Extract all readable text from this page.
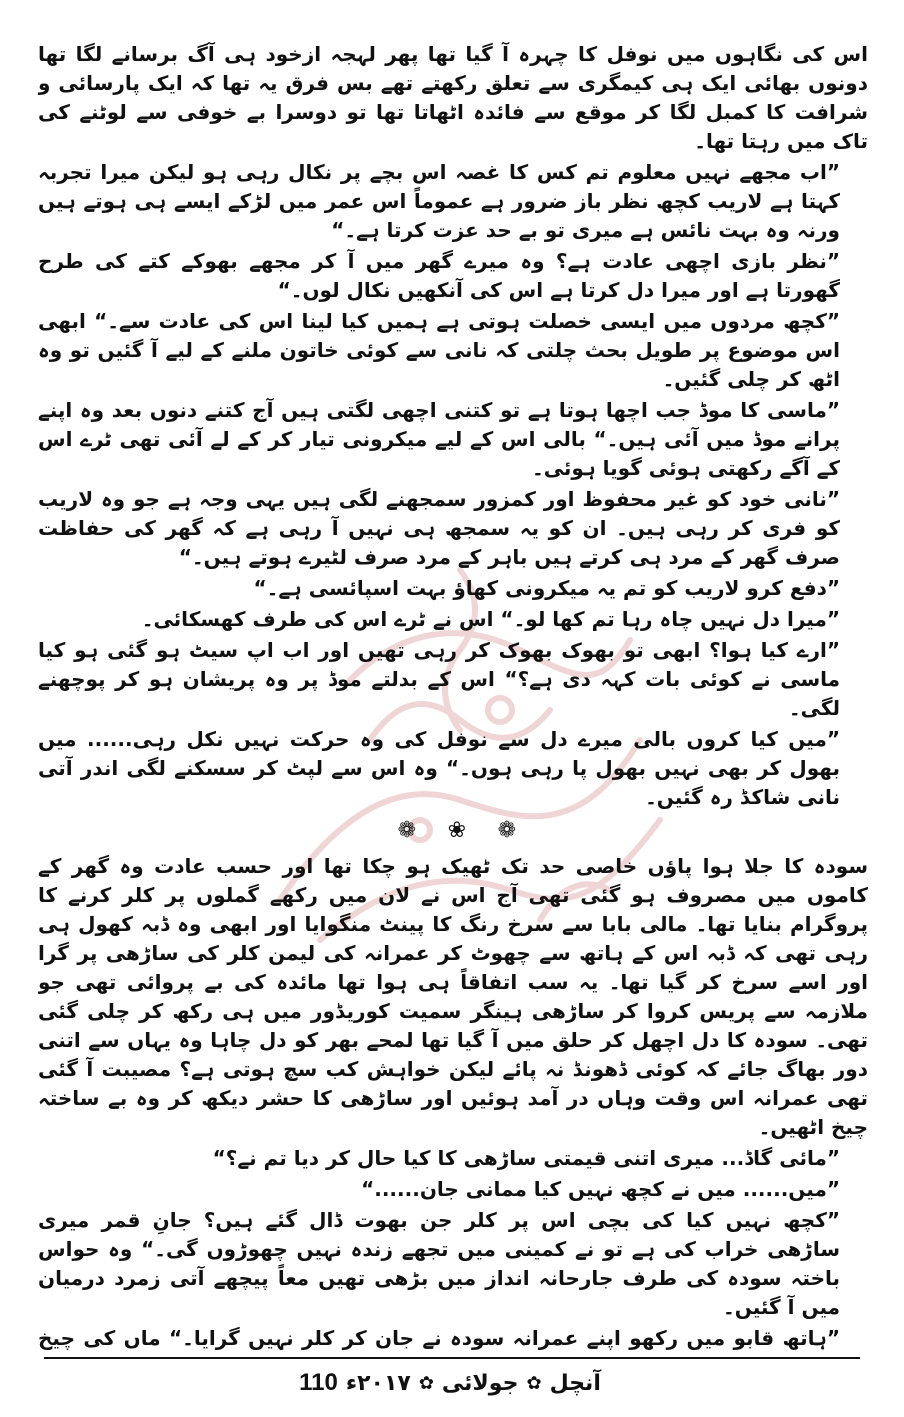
اس کی نگاہوں میں نوفل کا چہرہ آ گیا تھا پھر لہجہ ازخود ہی آگ برسانے لگا تھا دونوں بھائی ایک ہی کیمگری سے تعلق رکھتے تھے بس فرق یہ تھا کہ ایک پارسائی و شرافت کا کمبل لگا کر موقع سے فائدہ اٹھاتا تھا تو دوسرا بے خوفی سے لوٹنے کی تاک میں رہتا تھا۔

”اب مجھے نہیں معلوم تم کس کا غصہ اس بچے پر نکال رہی ہو لیکن میرا تجربہ کہتا ہے لاریب کچھ نظر باز ضرور ہے عموماً اس عمر میں لڑکے ایسے ہی ہوتے ہیں ورنہ وہ بہت نائس ہے میری تو بے حد عزت کرتا ہے۔“

”نظر بازی اچھی عادت ہے؟ وہ میرے گھر میں آ کر مجھے بھوکے کتے کی طرح گھورتا ہے اور میرا دل کرتا ہے اس کی آنکھیں نکال لوں۔“

”کچھ مردوں میں ایسی خصلت ہوتی ہے ہمیں کیا لینا اس کی عادت سے۔“ ابھی اس موضوع پر طویل بحث چلتی کہ نانی سے کوئی خاتون ملنے کے لیے آ گئیں تو وہ اٹھ کر چلی گئیں۔

”ماسی کا موڈ جب اچھا ہوتا ہے تو کتنی اچھی لگتی ہیں آج کتنے دنوں بعد وہ اپنے پرانے موڈ میں آئی ہیں۔“ بالی اس کے لیے میکرونی تیار کر کے لے آئی تھی ٹرے اس کے آگے رکھتی ہوئی گویا ہوئی۔

”نانی خود کو غیر محفوظ اور کمزور سمجھنے لگی ہیں یہی وجہ ہے جو وہ لاریب کو فری کر رہی ہیں۔ ان کو یہ سمجھ ہی نہیں آ رہی ہے کہ گھر کی حفاظت صرف گھر کے مرد ہی کرتے ہیں باہر کے مرد صرف لٹیرے ہوتے ہیں۔“

”دفع کرو لاریب کو تم یہ میکرونی کھاؤ بہت اسپائسی ہے۔“

”میرا دل نہیں چاہ رہا تم کھا لو۔“ اس نے ٹرے اس کی طرف کھسکائی۔

”ارے کیا ہوا؟ ابھی تو بھوک بھوک کر رہی تھیں اور اب اپ سیٹ ہو گئی ہو کیا ماسی نے کوئی بات کہہ دی ہے؟“ اس کے بدلتے موڈ پر وہ پریشان ہو کر پوچھنے لگی۔

”میں کیا کروں بالی میرے دل سے نوفل کی وہ حرکت نہیں نکل رہی...... میں بھول کر بھی نہیں بھول پا رہی ہوں۔“ وہ اس سے لپٹ کر سسکنے لگی اندر آتی نانی شاکڈ رہ گئیں۔

❁
❀
❁

سودہ کا جلا ہوا پاؤں خاصی حد تک ٹھیک ہو چکا تھا اور حسب عادت وہ گھر کے کاموں میں مصروف ہو گئی تھی آج اس نے لان میں رکھے گملوں پر کلر کرنے کا پروگرام بنایا تھا۔ مالی بابا سے سرخ رنگ کا پینٹ منگوایا اور ابھی وہ ڈبہ کھول ہی رہی تھی کہ ڈبہ اس کے ہاتھ سے چھوٹ کر عمرانہ کی لیمن کلر کی ساڑھی پر گرا اور اسے سرخ کر گیا تھا۔ یہ سب اتفاقاً ہی ہوا تھا مائدہ کی بے پروائی تھی جو ملازمہ سے پریس کروا کر ساڑھی ہینگر سمیت کوریڈور میں ہی رکھ کر چلی گئی تھی۔ سودہ کا دل اچھل کر حلق میں آ گیا تھا لمحے بھر کو دل چاہا وہ یہاں سے اتنی دور بھاگ جائے کہ کوئی ڈھونڈ نہ پائے لیکن خواہش کب سچ ہوتی ہے؟ مصیبت آ گئی تھی عمرانہ اس وقت وہاں در آمد ہوئیں اور ساڑھی کا حشر دیکھ کر وہ بے ساختہ چیخ اٹھیں۔

”مائی گاڈ... میری اتنی قیمتی ساڑھی کا کیا حال کر دیا تم نے؟“

”میں...... میں نے کچھ نہیں کیا ممانی جان......“

”کچھ نہیں کیا کی بچی اس پر کلر جن بھوت ڈال گئے ہیں؟ جانِ قمر میری ساڑھی خراب کی ہے تو نے کمینی میں تجھے زندہ نہیں چھوڑوں گی۔“ وہ حواس باختہ سودہ کی طرف جارحانہ انداز میں بڑھی تھیں معاً پیچھے آتی زمرد درمیان میں آ گئیں۔

”ہاتھ قابو میں رکھو اپنے عمرانہ سودہ نے جان کر کلر نہیں گرایا۔“ ماں کی چیخ

110 ۲۰۱۷ء ✿ جولائی ✿ آنچل
